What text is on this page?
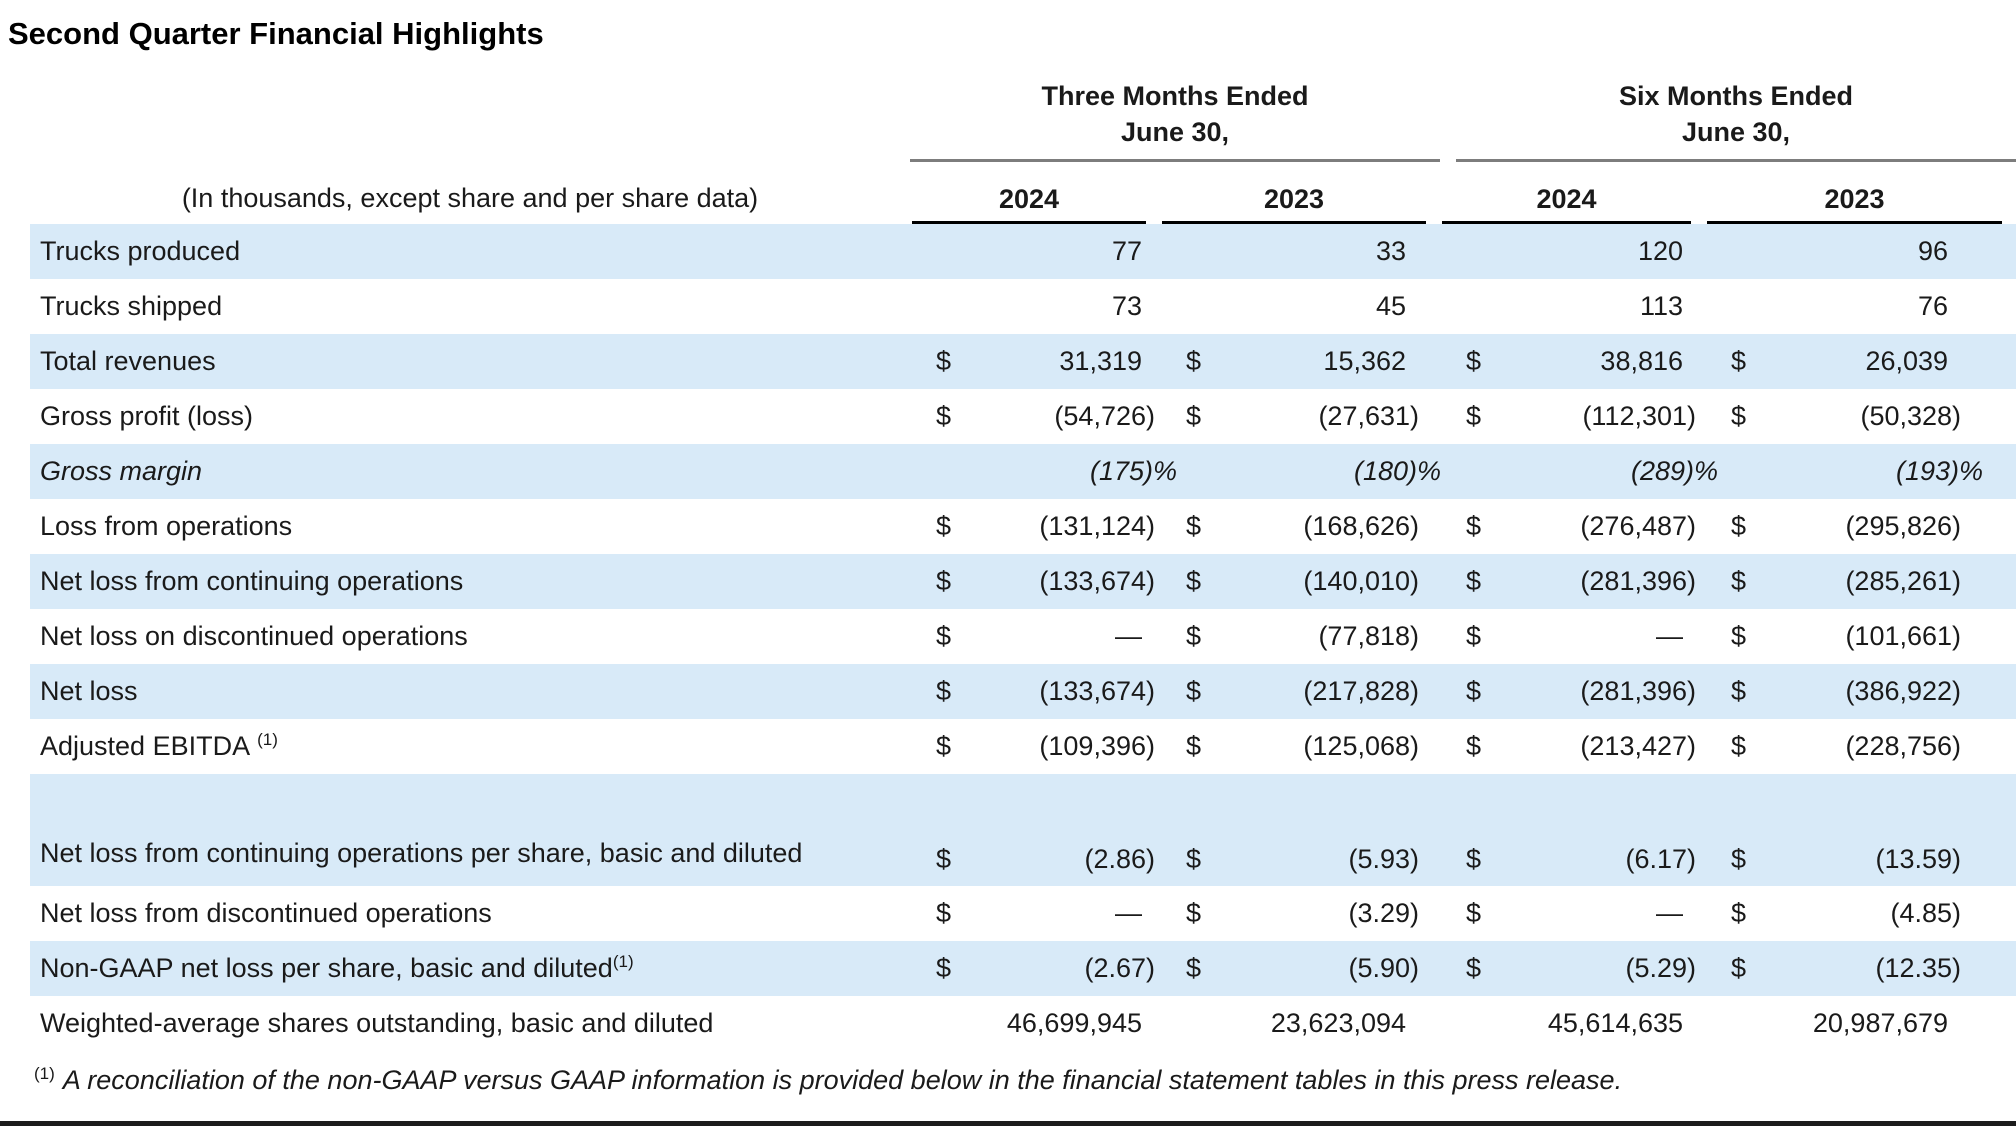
Second Quarter Financial Highlights

Three Months Ended
June 30,

Six Months Ended
June 30,

(In thousands, except share and per share data)	2024		2023		2024		2023	

Trucks produced		77		33		120		96
Trucks shipped		73		45		113		76
Total revenues	$	31,319	$	15,362	$	38,816	$	26,039
Gross profit (loss)	$	(54,726)	$	(27,631)	$	(112,301)	$	(50,328)
Gross margin		(175)%		(180)%		(289)%		(193)%
Loss from operations	$	(131,124)	$	(168,626)	$	(276,487)	$	(295,826)
Net loss from continuing operations	$	(133,674)	$	(140,010)	$	(281,396)	$	(285,261)
Net loss on discontinued operations	$	—	$	(77,818)	$	—	$	(101,661)
Net loss	$	(133,674)	$	(217,828)	$	(281,396)	$	(386,922)
Adjusted EBITDA $^{(1)}$	$	(109,396)	$	(125,068)	$	(213,427)	$	(228,756)
Net loss from continuing operations per share, basic and diluted	$	(2.86)	$	(5.93)	$	(6.17)	$	(13.59)
Net loss from discontinued operations	$	—	$	(3.29)	$	—	$	(4.85)
Non-GAAP net loss per share, basic and diluted$^{(1)}$	$	(2.67)	$	(5.90)	$	(5.29)	$	(12.35)
Weighted-average shares outstanding, basic and diluted		46,699,945		23,623,094		45,614,635		20,987,679
$^{(1)}$ A reconciliation of the non-GAAP versus GAAP information is provided below in the financial statement tables in this press release.
